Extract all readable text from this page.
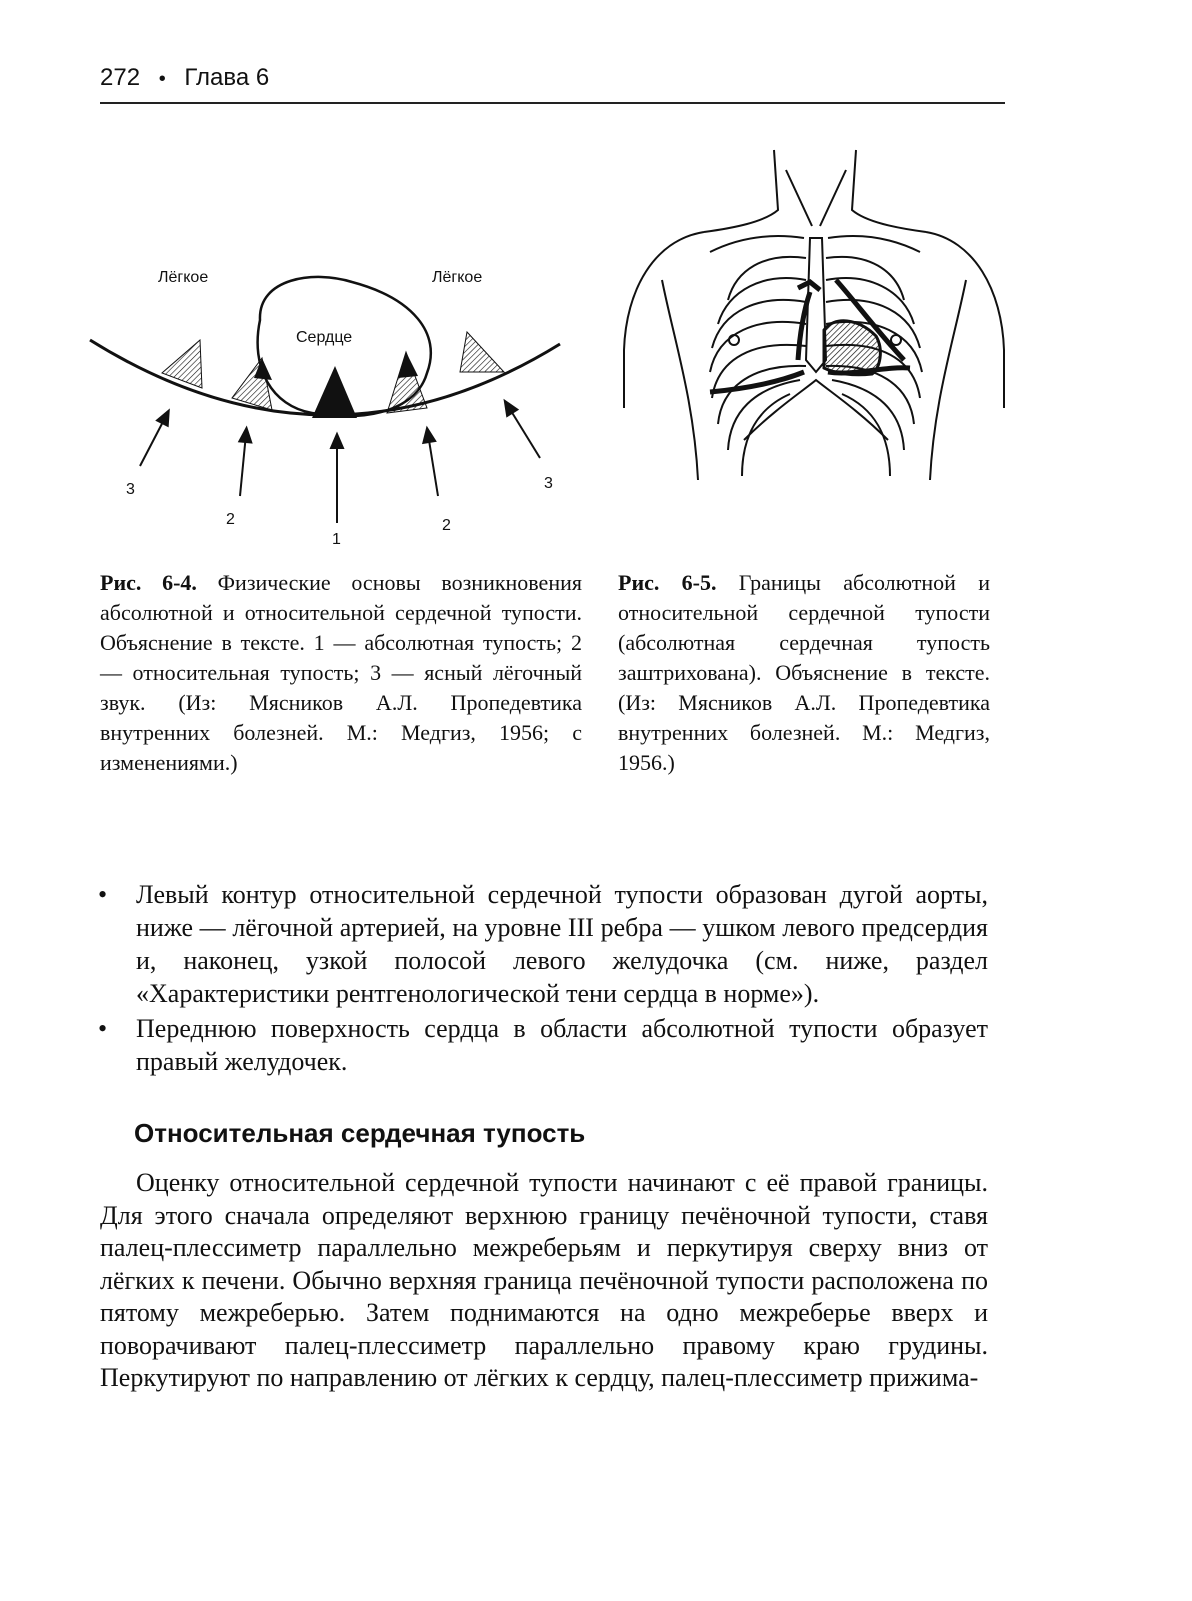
272 • Глава 6
Лёгкое	Лёгкое
Сердце
3
2
1
2
3
Рис. 6-4. Физические основы возникновения абсолютной и относительной сердечной тупости. Объяснение в тексте. 1 — абсолютная тупость; 2 — относительная тупость; 3 — ясный лёгочный звук. (Из: Мясников А.Л. Пропедевтика внутренних болезней. М.: Медгиз, 1956; с изменениями.)
Рис. 6-5. Границы абсолютной и относительной сердечной тупости (абсолютная сердечная тупость заштрихована). Объяснение в тексте. (Из: Мясников А.Л. Пропедевтика внутренних болезней. М.: Медгиз, 1956.)
• Левый контур относительной сердечной тупости образован дугой аорты, ниже — лёгочной артерией, на уровне III ребра — ушком левого предсердия и, наконец, узкой полосой левого желудочка (см. ниже, раздел «Характеристики рентгенологической тени сердца в норме»).
• Переднюю поверхность сердца в области абсолютной тупости образует правый желудочек.
Относительная сердечная тупость

Оценку относительной сердечной тупости начинают с её правой границы. Для этого сначала определяют верхнюю границу печёночной тупости, ставя палец-плессиметр параллельно межреберьям и перкутируя сверху вниз от лёгких к печени. Обычно верхняя граница печёночной тупости расположена по пятому межреберью. Затем поднимаются на одно межреберье вверх и поворачивают палец-плессиметр параллельно правому краю грудины. Перкутируют по направлению от лёгких к сердцу, палец-плессиметр прижима-
